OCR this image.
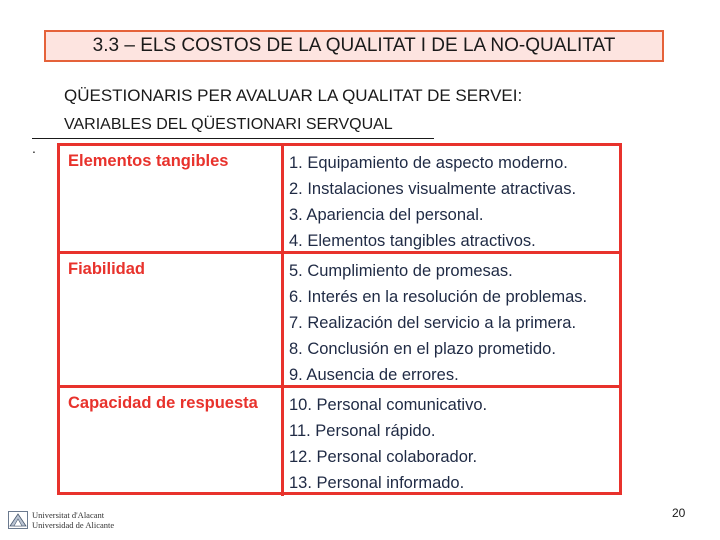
3.3 – ELS COSTOS DE LA QUALITAT I DE LA NO-QUALITAT
QÜESTIONARIS PER AVALUAR LA QUALITAT DE SERVEI:
VARIABLES DEL QÜESTIONARI SERVQUAL
.
Elementos tangibles	1. Equipamiento de aspecto moderno.
2. Instalaciones visualmente atractivas.
3. Apariencia del personal.
4. Elementos tangibles atractivos.
Fiabilidad	5. Cumplimiento de promesas.
6. Interés en la resolución de problemas.
7. Realización del servicio a la primera.
8. Conclusión en el plazo prometido.
9. Ausencia de errores.
Capacidad de respuesta	10. Personal comunicativo.
11. Personal rápido.
12. Personal colaborador.
13. Personal informado.
Universitat d'Alacant
Universidad de Alicante
20
